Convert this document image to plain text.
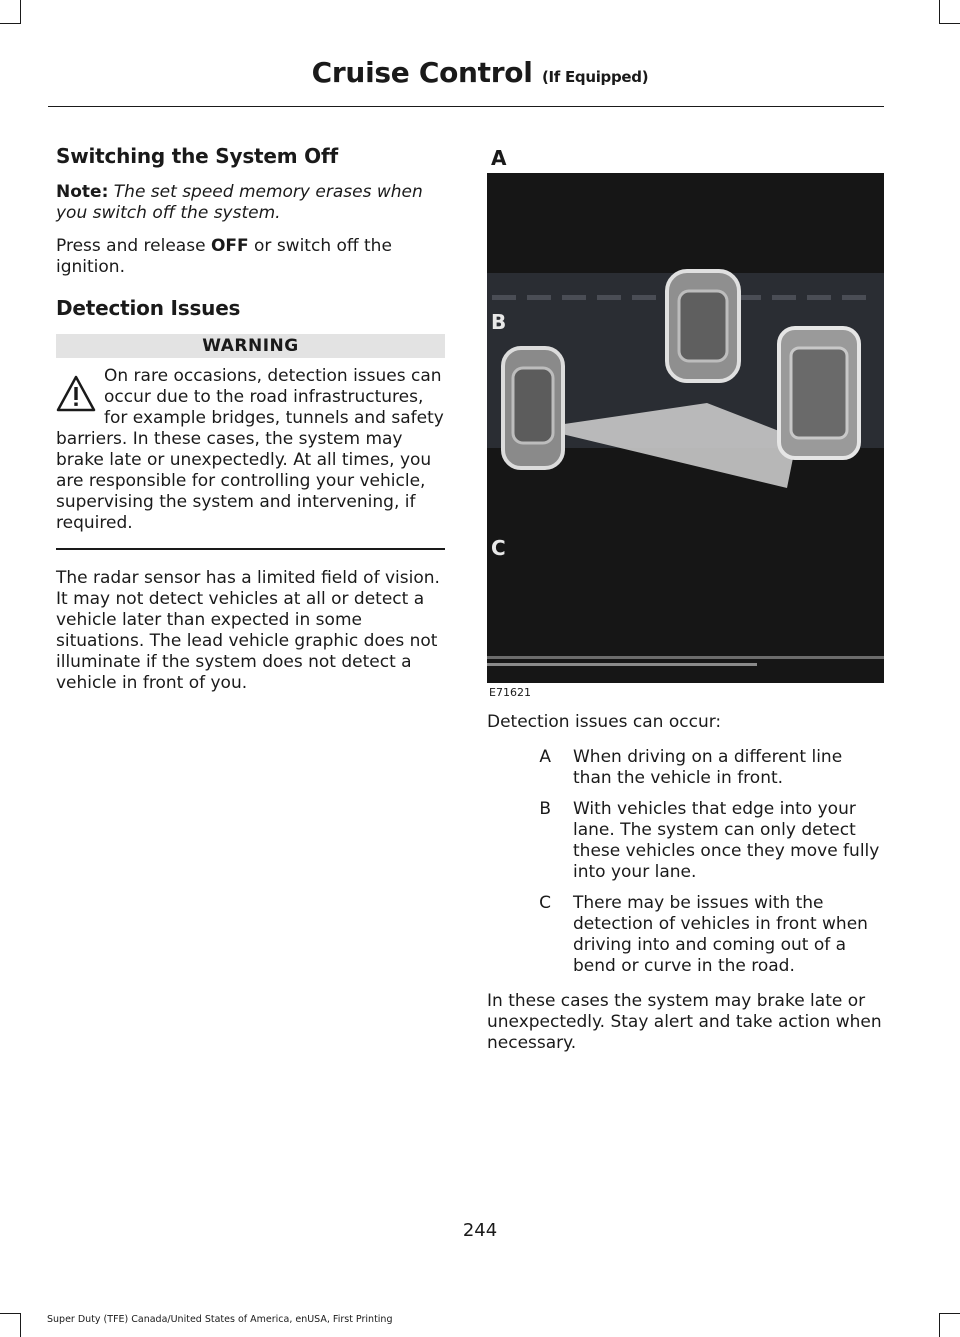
Cruise Control (If Equipped)
Switching the System Off
Note: The set speed memory erases when you switch off the system.
Press and release OFF or switch off the ignition.
Detection Issues
WARNING
On rare occasions, detection issues can occur due to the road infrastructures, for example bridges, tunnels and safety barriers. In these cases, the system may brake late or unexpectedly. At all times, you are responsible for controlling your vehicle, supervising the system and intervening, if required.
The radar sensor has a limited field of vision. It may not detect vehicles at all or detect a vehicle later than expected in some situations. The lead vehicle graphic does not illuminate if the system does not detect a vehicle in front of you.
A
B
C
E71621
Detection issues can occur:
A	When driving on a different line than the vehicle in front.
B	With vehicles that edge into your lane. The system can only detect these vehicles once they move fully into your lane.
C	There may be issues with the detection of vehicles in front when driving into and coming out of a bend or curve in the road.
In these cases the system may brake late or unexpectedly. Stay alert and take action when necessary.
244
Super Duty (TFE) Canada/United States of America, enUSA, First Printing
